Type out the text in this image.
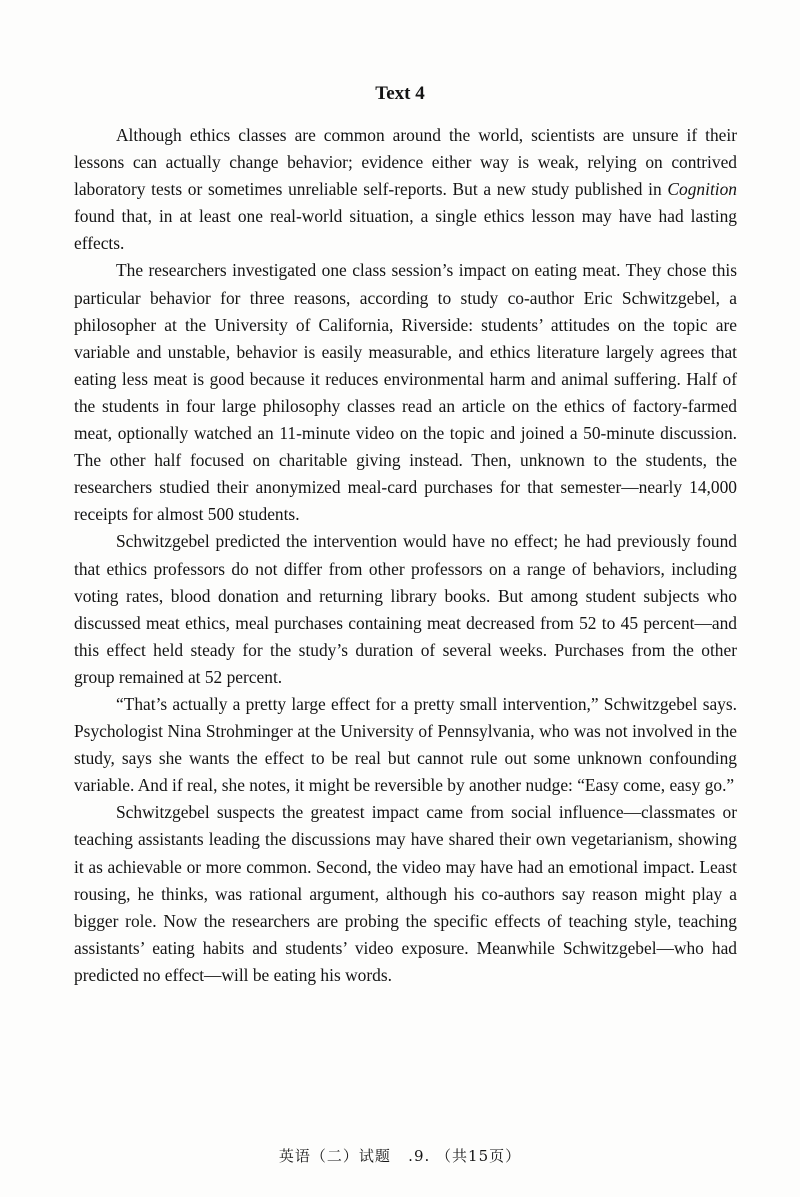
Text 4

Although ethics classes are common around the world, scientists are unsure if their lessons can actually change behavior; evidence either way is weak, relying on contrived laboratory tests or sometimes unreliable self-reports. But a new study published in Cognition found that, in at least one real-world situation, a single ethics lesson may have had lasting effects.

The researchers investigated one class session’s impact on eating meat. They chose this particular behavior for three reasons, according to study co-author Eric Schwitzgebel, a philosopher at the University of California, Riverside: students’ attitudes on the topic are variable and unstable, behavior is easily measurable, and ethics literature largely agrees that eating less meat is good because it reduces environmental harm and animal suffering. Half of the students in four large philosophy classes read an article on the ethics of factory-farmed meat, optionally watched an 11-minute video on the topic and joined a 50-minute discussion. The other half focused on charitable giving instead. Then, unknown to the students, the researchers studied their anonymized meal-card purchases for that semester—nearly 14,000 receipts for almost 500 students.

Schwitzgebel predicted the intervention would have no effect; he had previously found that ethics professors do not differ from other professors on a range of behaviors, including voting rates, blood donation and returning library books. But among student subjects who discussed meat ethics, meal purchases containing meat decreased from 52 to 45 percent—and this effect held steady for the study’s duration of several weeks. Purchases from the other group remained at 52 percent.

“That’s actually a pretty large effect for a pretty small intervention,” Schwitzgebel says. Psychologist Nina Strohminger at the University of Pennsylvania, who was not involved in the study, says she wants the effect to be real but cannot rule out some unknown confounding variable. And if real, she notes, it might be reversible by another nudge: “Easy come, easy go.”

Schwitzgebel suspects the greatest impact came from social influence—classmates or teaching assistants leading the discussions may have shared their own vegetarianism, showing it as achievable or more common. Second, the video may have had an emotional impact. Least rousing, he thinks, was rational argument, although his co-authors say reason might play a bigger role. Now the researchers are probing the specific effects of teaching style, teaching assistants’ eating habits and students’ video exposure. Meanwhile Schwitzgebel—who had predicted no effect—will be eating his words.

英语（二）试题 .9. （共15页）
